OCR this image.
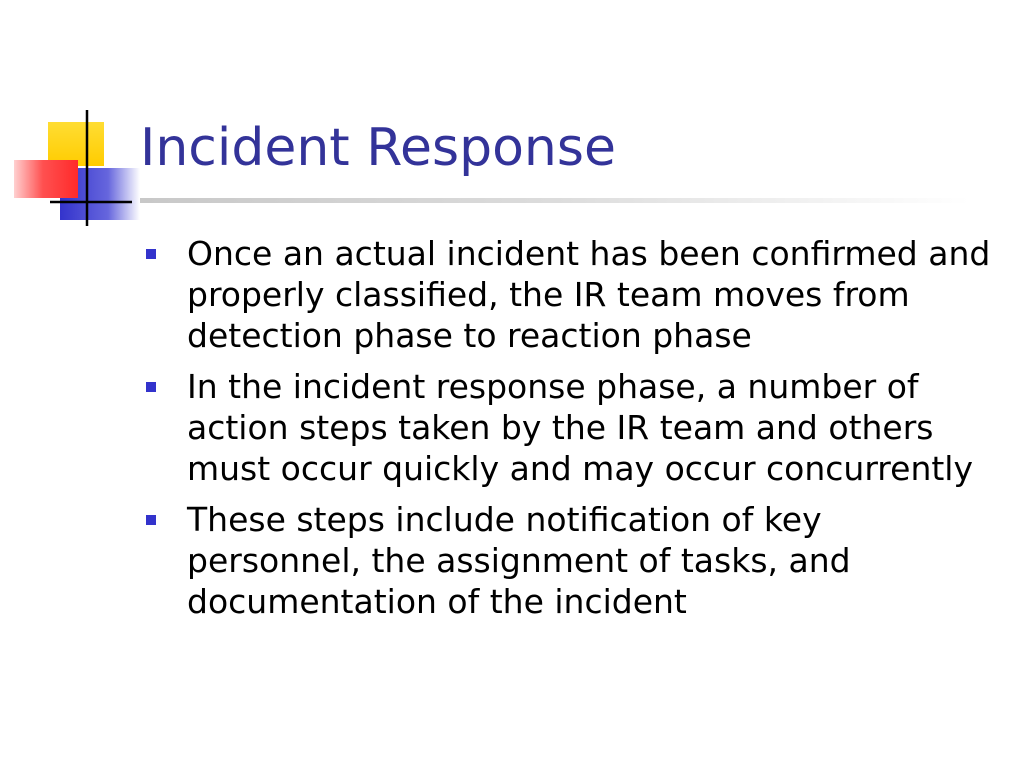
Incident Response

Once an actual incident has been confirmed and properly classified, the IR team moves from detection phase to reaction phase

In the incident response phase, a number of action steps taken by the IR team and others must occur quickly and may occur concurrently

These steps include notification of key personnel, the assignment of tasks, and documentation of the incident
